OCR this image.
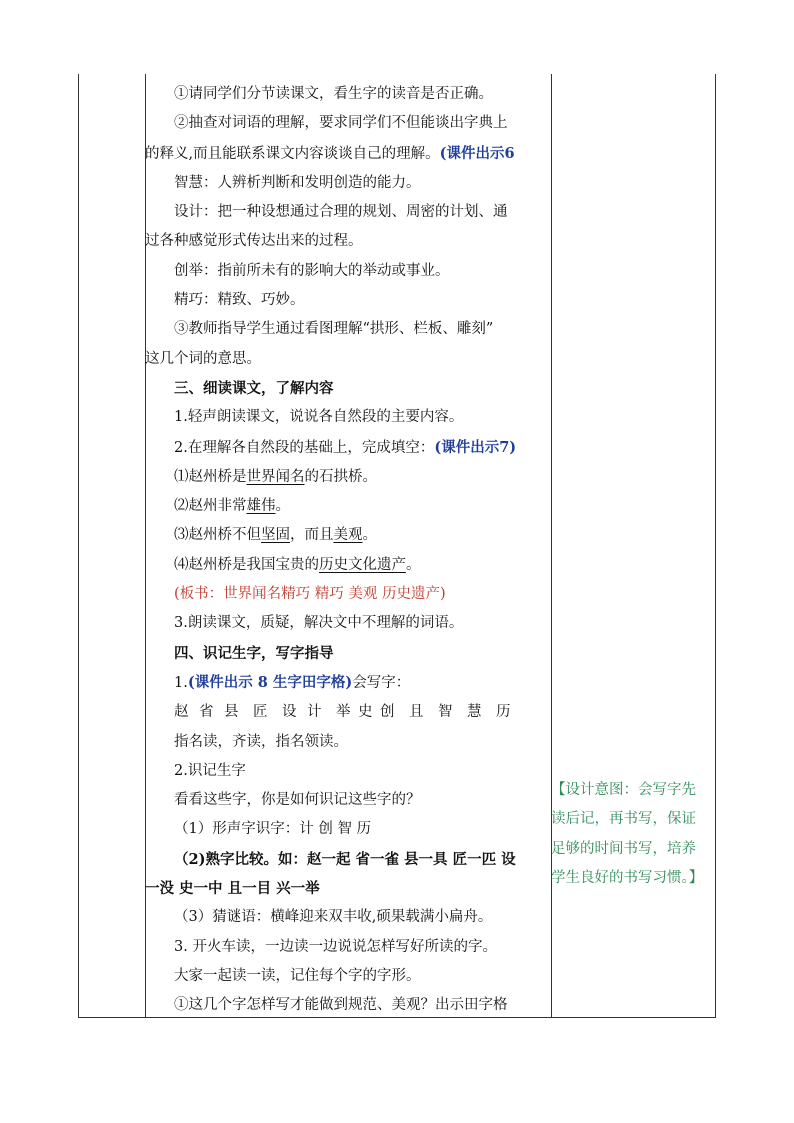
①请同学们分节读课文，看生字的读音是否正确。

②抽查对词语的理解，要求同学们不但能谈出字典上

的释义,而且能联系课文内容谈谈自己的理解。(课件出示6

智慧：人辨析判断和发明创造的能力。

设计：把一种设想通过合理的规划、周密的计划、通

过各种感觉形式传达出来的过程。

创举：指前所未有的影响大的举动或事业。

精巧：精致、巧妙。

③教师指导学生通过看图理解“拱形、栏板、雕刻”

这几个词的意思。

三、细读课文，了解内容

1.轻声朗读课文，说说各自然段的主要内容。

2.在理解各自然段的基础上，完成填空：(课件出示7)

⑴赵州桥是世界闻名的石拱桥。

⑵赵州非常雄伟。

⑶赵州桥不但坚固，而且美观。

⑷赵州桥是我国宝贵的历史文化遗产。

(板书：世界闻名精巧 精巧 美观 历史遗产)

3.朗读课文，质疑，解决文中不理解的词语。

四、识记生字，写字指导

1.(课件出示 8 生字田字格)会写字：

赵 省 县 匠 设 计 举 史 创 且 智 慧 历

指名读，齐读，指名领读。

2.识记生字

看看这些字，你是如何识记这些字的？

（1）形声字识字：计 创 智 历

（2)熟字比较。如：赵一起 省一雀 县一具 匠一匹 设

一没 史一中 且一目 兴一举

（3）猜谜语：横峰迎来双丰收,硕果载满小扁舟。

3. 开火车读，一边读一边说说怎样写好所读的字。

大家一起读一读，记住每个字的字形。

①这几个字怎样写才能做到规范、美观？出示田字格

【设计意图：会写字先

读后记，再书写，保证

足够的时间书写，培养

学生良好的书写习惯。】
